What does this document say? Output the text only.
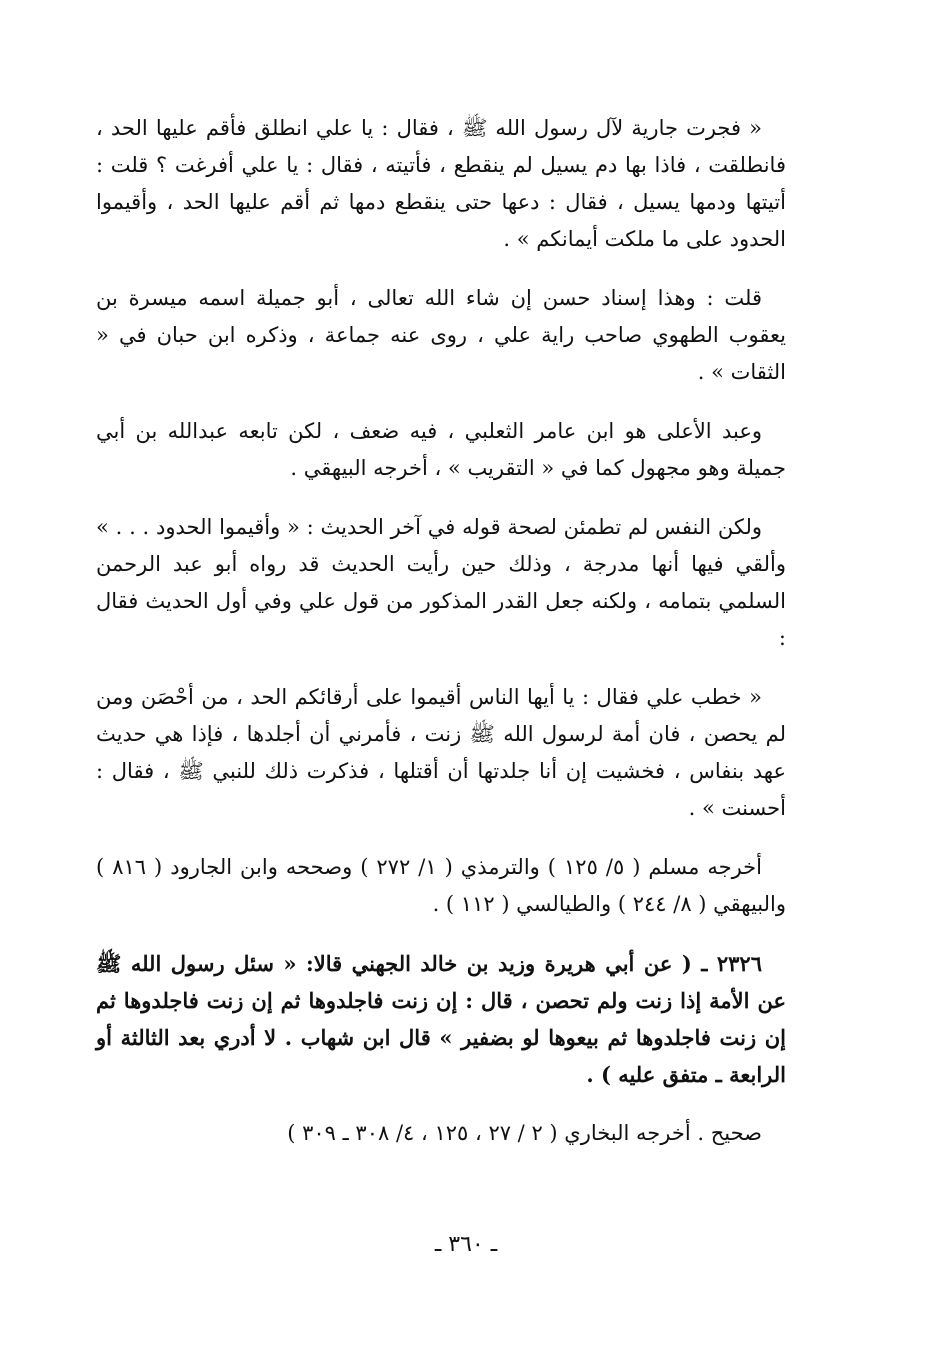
« فجرت جارية لآل رسول الله ﷺ ، فقال : يا علي انطلق فأقم عليها الحد ، فانطلقت ، فاذا بها دم يسيل لم ينقطع ، فأتيته ، فقال : يا علي أفرغت ؟ قلت : أتيتها ودمها يسيل ، فقال : دعها حتى ينقطع دمها ثم أقم عليها الحد ، وأقيموا الحدود على ما ملكت أيمانكم » .

قلت : وهذا إسناد حسن إن شاء الله تعالى ، أبو جميلة اسمه ميسرة بن يعقوب الطهوي صاحب راية علي ، روى عنه جماعة ، وذكره ابن حبان في « الثقات » .

وعبد الأعلى هو ابن عامر الثعلبي ، فيه ضعف ، لكن تابعه عبدالله بن أبي جميلة وهو مجهول كما في « التقريب » ، أخرجه البيهقي .

ولكن النفس لم تطمئن لصحة قوله في آخر الحديث : « وأقيموا الحدود . . . » وألقي فيها أنها مدرجة ، وذلك حين رأيت الحديث قد رواه أبو عبد الرحمن السلمي بتمامه ، ولكنه جعل القدر المذكور من قول علي وفي أول الحديث فقال :

« خطب علي فقال : يا أيها الناس أقيموا على أرقائكم الحد ، من أحْصَن ومن لم يحصن ، فان أمة لرسول الله ﷺ زنت ، فأمرني أن أجلدها ، فإذا هي حديث عهد بنفاس ، فخشيت إن أنا جلدتها أن أقتلها ، فذكرت ذلك للنبي ﷺ ، فقال : أحسنت » .

أخرجه مسلم ( ٥/ ١٢٥ ) والترمذي ( ١/ ٢٧٢ ) وصححه وابن الجارود ( ٨١٦ ) والبيهقي ( ٨/ ٢٤٤ ) والطيالسي ( ١١٢ ) .

٢٣٢٦ ـ ( عن أبي هريرة وزيد بن خالد الجهني قالا: « سئل رسول الله ﷺ عن الأمة إذا زنت ولم تحصن ، قال : إن زنت فاجلدوها ثم إن زنت فاجلدوها ثم إن زنت فاجلدوها ثم بيعوها لو بضفير » قال ابن شهاب . لا أدري بعد الثالثة أو الرابعة ـ متفق عليه ) .

صحيح . أخرجه البخاري ( ٢ / ٢٧ ، ١٢٥ ، ٤/ ٣٠٨ ـ ٣٠٩ )

ـ ٣٦٠ ـ
